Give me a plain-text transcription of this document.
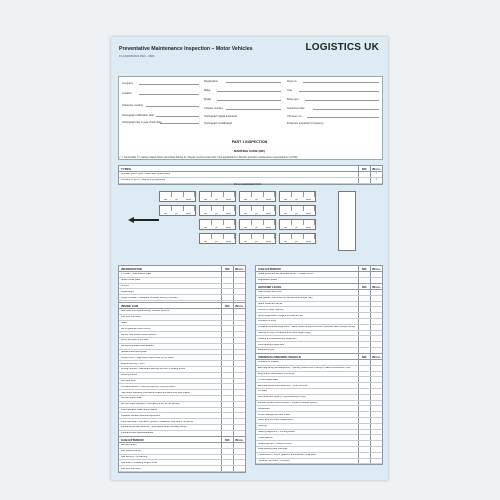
Preventative Maintenance Inspection – Motor Vehicles
FS-1000/05/2024 MAD – 0806
LOGISTICS UK
Company
Location
Odometer reading
Tachograph calibration date
Tachograph last 2-year check date
Registration
Make
Model
Chassis number
Tachograph digital download
Tachograph recalibrated
Fleet no.
Year
Body type
Inspection date
VIN seen no.
B Service Inspection Frequency
PART 1 INSPECTION
MARKING CODE (MC)
✓ = Serviceable X = Safety related defect (annotated failure) R = Repair recommended N/A = Not applicable M = Monitor (provides maintenance request/defect not PMI)
TYRES	MC	IM no.
Size and type of tyres – load index, speed rating	1
Condition of tyres – tread tyre, pressure etc	2
Driver examination finish
mm	psi	mm/m	mm	psi	mm/m	mm	psi	mm/m	mm	psi	mm/m
mm	psi	mm/m	mm	psi	mm/m	mm	psi	mm/m	mm	psi	mm/m
mm	psi	mm/m	mm	psi	mm/m	mm	psi	mm/m
mm	psi	mm/m	mm	psi	mm/m	mm	psi	mm/m
INFORMATION	MC	IM no.
PTI date – maintenance plate
Speed limiter plate
Licence
Legal weight
Height indicator – adequate condition security, accuracy
INSIDE CAB	MC	IM no.
Seat belts and supplementary restraint systems
Cab floor and steps
Seats
Mirror glass and view mirrors
Mirrors, and indirect vision devices
Doors and door of the road
Windscreen wipers and washers
Speedometer/tachograph
Tamper ECU – diagnostic trouble code (DTC) check
Audible warning – horn
Driving controls – dashboard warning and MIL, including ESDS
Steering control
Anti-theft lever
Pressure/vacuum – warning build up, cut-off pressure
Hand lever operating mechanical brakes and electronic park brakes
Service brake pedal
Service brake operation – ABS/EBS, ESC, ECSD (Exodo)
Fixed operated brake and/or valves
Pipework beneath seat and equipment
Lamp warnings – indicators, position, headlamp, stop lamps, fog lamps
Internal lamps and switches – dual speed lamps, auxiliary lamps
Internal vehicle speed/feedback
CAB EXTERIOR	MC	IM no.
Bumper fitment
Cab panels and trim
Cab security – tilt warning
Cab doors – including hinges, locks
Cab floor and steps
CAB EXTERIOR	MC	IM no.
Spare wheel and carrier wheel carrier – related mirrors
Registration plates
GROUND LEVEL	MC	IM no.
Road wheels and hubs
Side guards, rear under run devices and bumper bars
Spare wheel and carrier
Vehicle to trailer coupling
Spray suppression, wings and wheel arches
Condition of body
Container-mounted equipment – safety systems, superstructure, hydraulic rams, pumps, fittings
Security of body, containers and crane support legs
Loading and load-securing equipment
Other ancillary equipment
Equipment type
UNDER/ALONGSIDE VEHICLE	MC	IM no.
Condition of chassis
Electrical wiring and equipment – visibility, loose cords, chafing or plated connections, clips
Engine and transmission mountings
Oil and waste leaks
Electrical sensors and switches – SDW, common
Oil leaks
Fuel tanks and system – input/output/port lines
Exhaust systems and emission – impact of AdBlue system
Suspension
Wheel bearings and axle shafts
Axles, axle arms and related items
Steering
Steering alignment – unit engrossed
Power take-off
Differential lock – traction control
Load-handling and Wire/pipe
Transmission – clutch, gearbox, transmission, drive shaft
Hydraulic fluid lines – condition
